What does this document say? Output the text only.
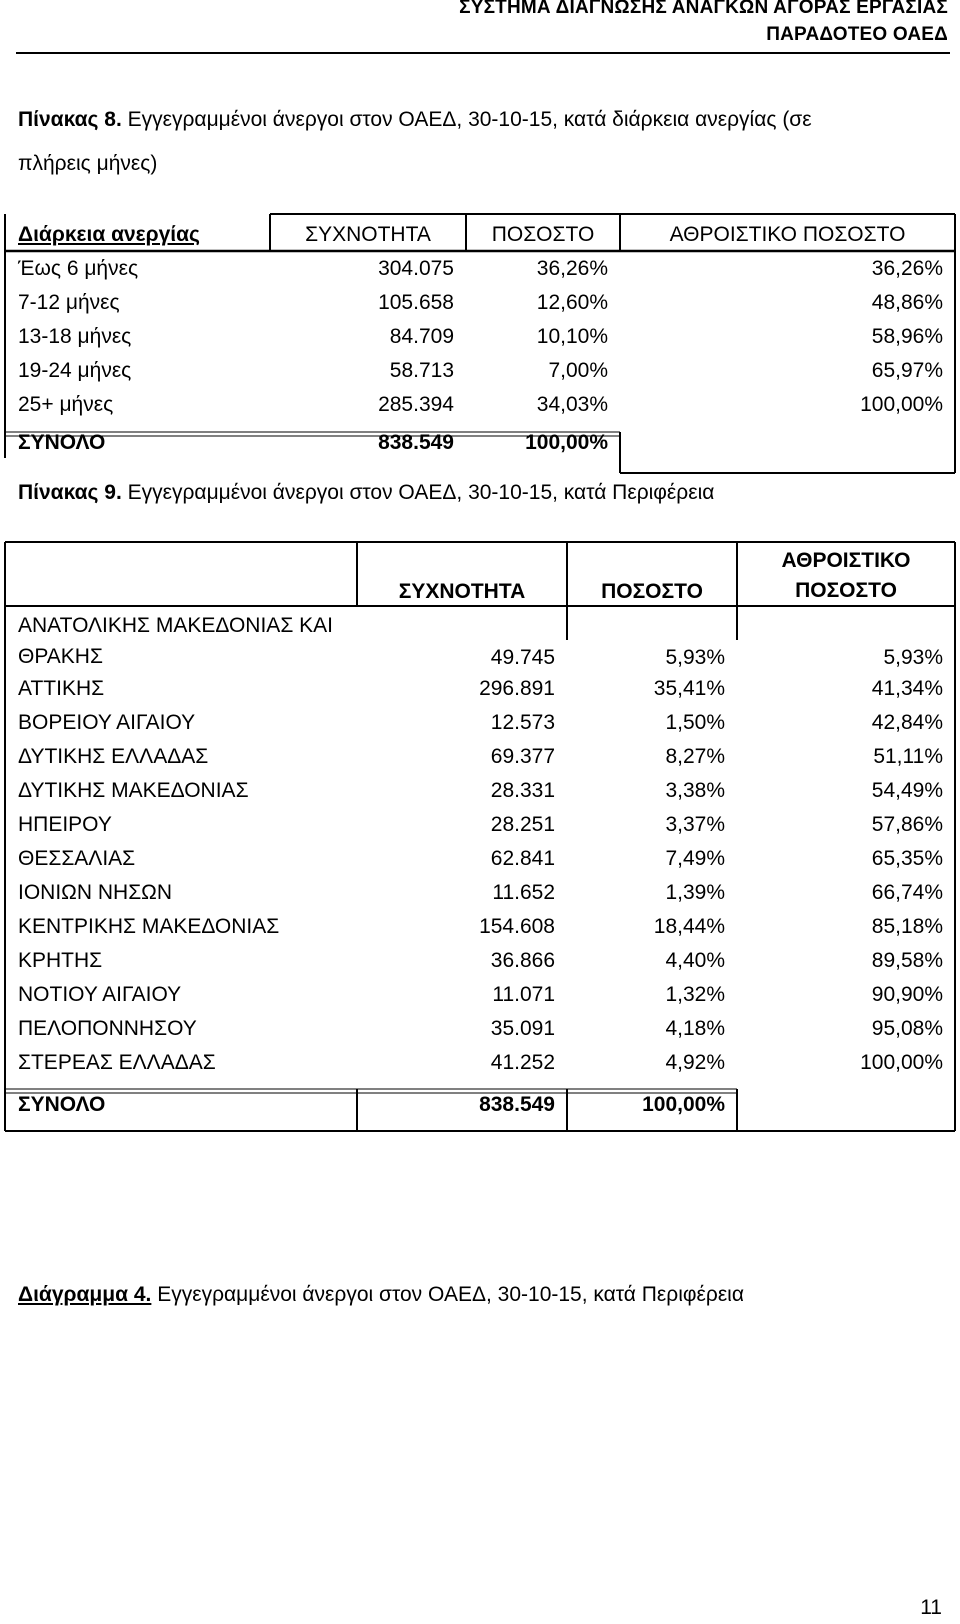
ΣΥΣΤΗΜΑ ΔΙΑΓΝΩΣΗΣ ΑΝΑΓΚΩΝ ΑΓΟΡΑΣ ΕΡΓΑΣΙΑΣ
ΠΑΡΑΔΟΤΕΟ ΟΑΕΔ
Πίνακας 8. Εγγεγραμμένοι άνεργοι στον ΟΑΕΔ, 30-10-15, κατά διάρκεια ανεργίας (σε
πλήρεις μήνες)
Διάρκεια ανεργίας	ΣΥΧΝΟΤΗΤΑ	ΠΟΣΟΣΤΟ	ΑΘΡΟΙΣΤΙΚΟ ΠΟΣΟΣΤΟ
Έως 6 μήνες	304.075	36,26%	36,26%
7-12 μήνες	105.658	12,60%	48,86%
13-18 μήνες	84.709	10,10%	58,96%
19-24 μήνες	58.713	7,00%	65,97%
25+ μήνες	285.394	34,03%	100,00%
ΣΥΝΟΛΟ	838.549	100,00%	
Πίνακας 9. Εγγεγραμμένοι άνεργοι στον ΟΑΕΔ, 30-10-15, κατά Περιφέρεια
	ΣΥΧΝΟΤΗΤΑ	ΠΟΣΟΣΤΟ	ΑΘΡΟΙΣΤΙΚΟ
ΠΟΣΟΣΤΟ

ΑΝΑΤΟΛΙΚΗΣ ΜΑΚΕΔΟΝΙΑΣ ΚΑΙ
ΘΡΑΚΗΣ	49.745	5,93%	5,93%
ΑΤΤΙΚΗΣ	296.891	35,41%	41,34%
ΒΟΡΕΙΟΥ ΑΙΓΑΙΟΥ	12.573	1,50%	42,84%
ΔΥΤΙΚΗΣ ΕΛΛΑΔΑΣ	69.377	8,27%	51,11%
ΔΥΤΙΚΗΣ ΜΑΚΕΔΟΝΙΑΣ	28.331	3,38%	54,49%
ΗΠΕΙΡΟΥ	28.251	3,37%	57,86%
ΘΕΣΣΑΛΙΑΣ	62.841	7,49%	65,35%
ΙΟΝΙΩΝ ΝΗΣΩΝ	11.652	1,39%	66,74%
ΚΕΝΤΡΙΚΗΣ ΜΑΚΕΔΟΝΙΑΣ	154.608	18,44%	85,18%
ΚΡΗΤΗΣ	36.866	4,40%	89,58%
ΝΟΤΙΟΥ ΑΙΓΑΙΟΥ	11.071	1,32%	90,90%
ΠΕΛΟΠΟΝΝΗΣΟΥ	35.091	4,18%	95,08%
ΣΤΕΡΕΑΣ ΕΛΛΑΔΑΣ	41.252	4,92%	100,00%
ΣΥΝΟΛΟ	838.549	100,00%	
Διάγραμμα 4. Εγγεγραμμένοι άνεργοι στον ΟΑΕΔ, 30-10-15, κατά Περιφέρεια
11
